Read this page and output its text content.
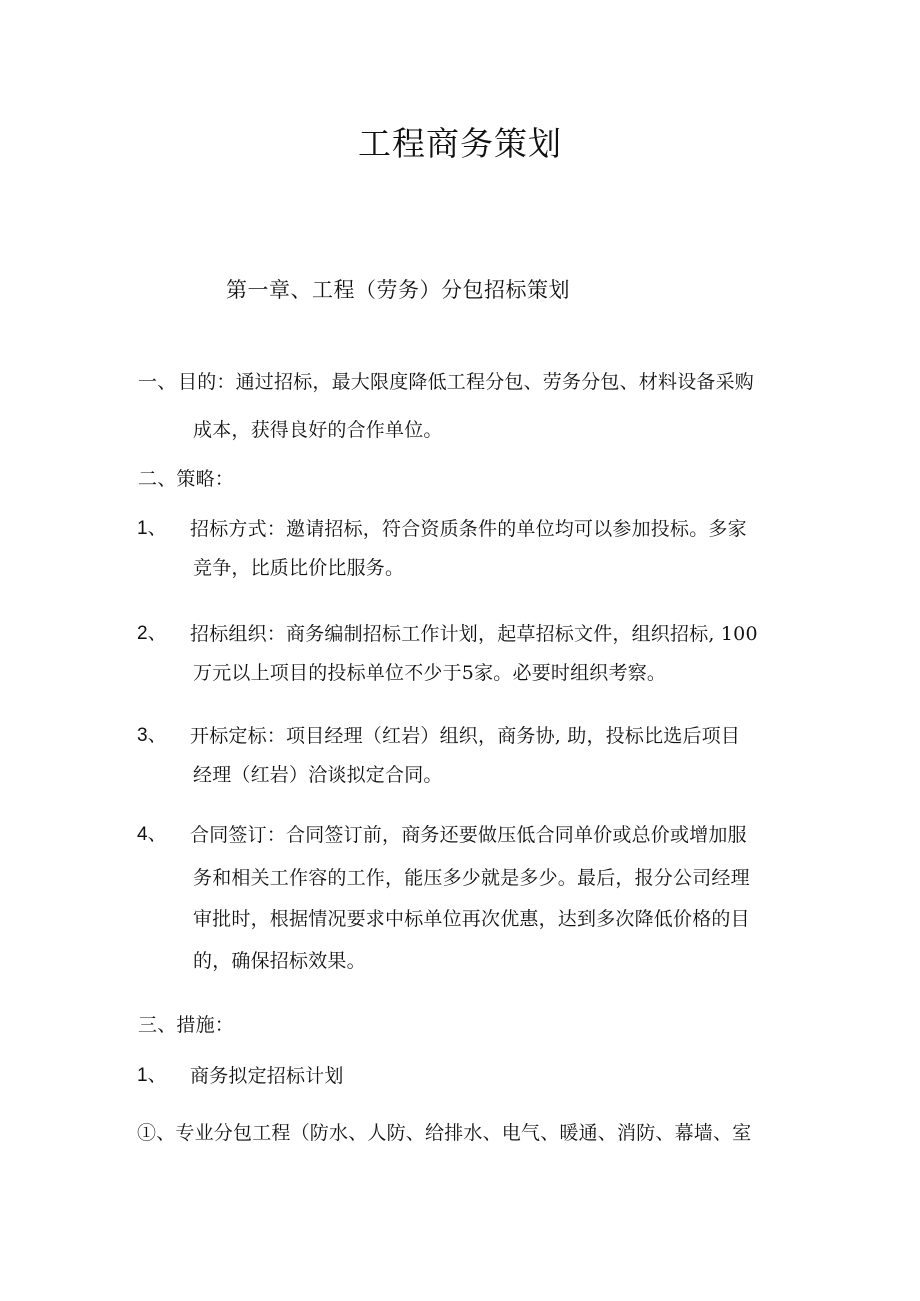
工程商务策划
第一章、工程（劳务）分包招标策划
一、 目的：通过招标，最大限度降低工程分包、劳务分包、材料设备采购
成本，获得良好的合作单位。
二、策略：
1、 招标方式：邀请招标，符合资质条件的单位均可以参加投标。多家
竞争，比质比价比服务。
2、 招标组织：商务编制招标工作计划，起草招标文件，组织招标, 100
万元以上项目的投标单位不少于5家。必要时组织考察。
3、 开标定标：项目经理（红岩）组织，商务协, 助，投标比选后项目
经理（红岩）洽谈拟定合同。
4、 合同签订：合同签订前，商务还要做压低合同单价或总价或增加服
务和相关工作容的工作，能压多少就是多少。最后，报分公司经理
审批时，根据情况要求中标单位再次优惠，达到多次降低价格的目
的，确保招标效果。
三、措施：
1、 商务拟定招标计划
①、专业分包工程（防水、人防、给排水、电气、暖通、消防、幕墙、室
